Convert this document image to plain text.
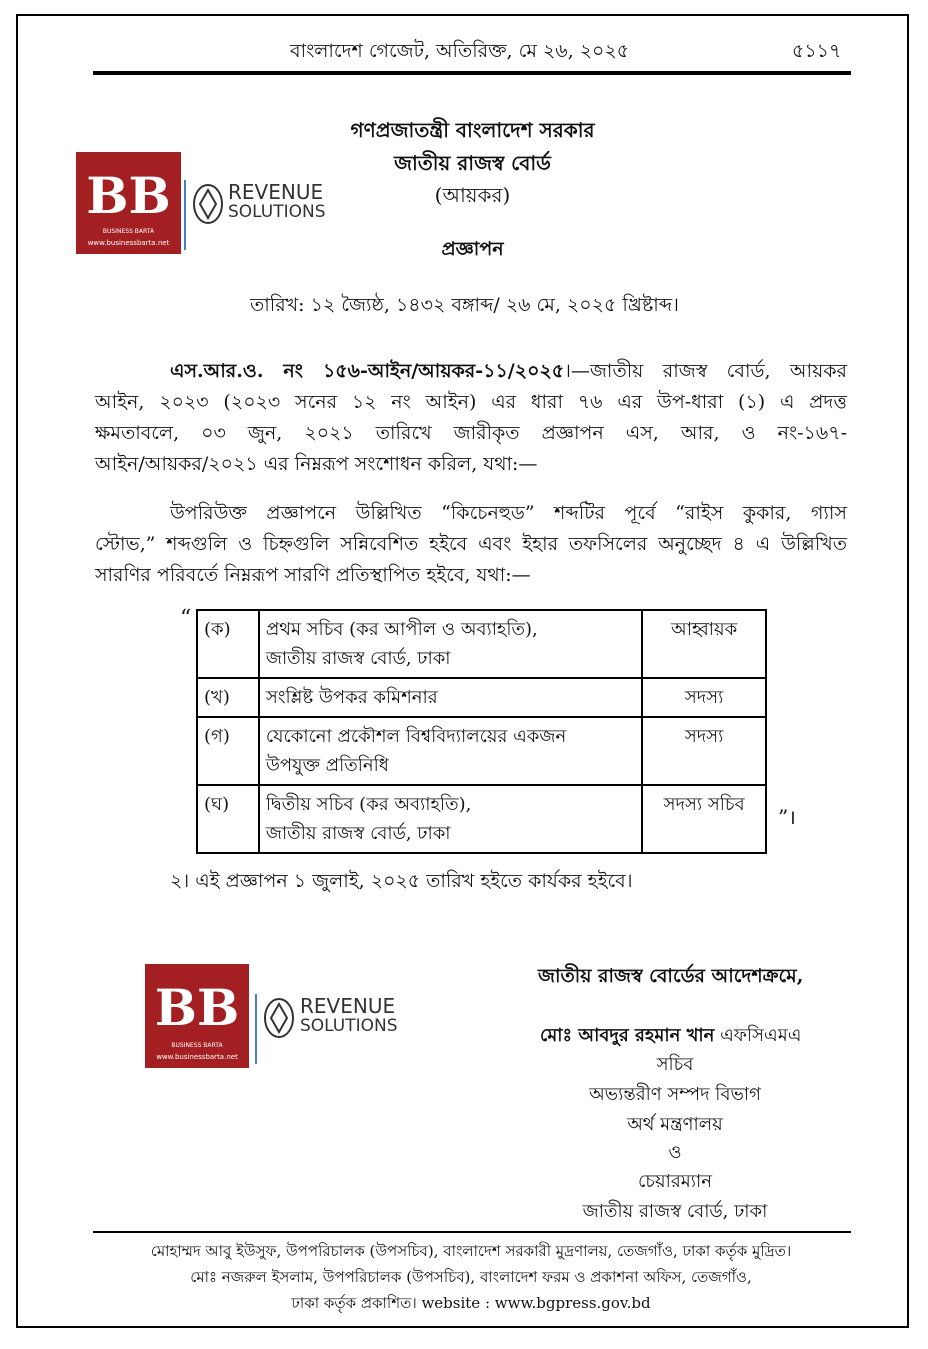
বাংলাদেশ গেজেট, অতিরিক্ত, মে ২৬, ২০২৫	৫১১৭
গণপ্রজাতন্ত্রী বাংলাদেশ সরকার
জাতীয় রাজস্ব বোর্ড
(আয়কর)
প্রজ্ঞাপন
BB
BUSINESS BARTA
www.businessbarta.net
REVENUE
SOLUTIONS
তারিখ: ১২ জ্যৈষ্ঠ, ১৪৩২ বঙ্গাব্দ/ ২৬ মে, ২০২৫ খ্রিষ্টাব্দ।
এস.আর.ও. নং ১৫৬-আইন/আয়কর-১১/২০২৫।—জাতীয় রাজস্ব বোর্ড, আয়কর
আইন, ২০২৩ (২০২৩ সনের ১২ নং আইন) এর ধারা ৭৬ এর উপ-ধারা (১) এ প্রদত্ত
ক্ষমতাবলে, ০৩ জুন, ২০২১ তারিখে জারীকৃত প্রজ্ঞাপন এস, আর, ও নং-১৬৭-
আইন/আয়কর/২০২১ এর নিম্নরূপ সংশোধন করিল, যথা:—
উপরিউক্ত প্রজ্ঞাপনে উল্লিখিত “কিচেনহুড” শব্দটির পূর্বে “রাইস কুকার, গ্যাস
স্টোভ,” শব্দগুলি ও চিহ্নগুলি সন্নিবেশিত হইবে এবং ইহার তফসিলের অনুচ্ছেদ ৪ এ উল্লিখিত
সারণির পরিবর্তে নিম্নরূপ সারণি প্রতিস্থাপিত হইবে, যথা:—
“ (ক)	প্রথম সচিব (কর আপীল ও অব্যাহতি),
জাতীয় রাজস্ব বোর্ড, ঢাকা	আহ্বায়ক
(খ)	সংশ্লিষ্ট উপকর কমিশনার	সদস্য
(গ)	যেকোনো প্রকৌশল বিশ্ববিদ্যালয়ের একজন
উপযুক্ত প্রতিনিধি	সদস্য
(ঘ)	দ্বিতীয় সচিব (কর অব্যাহতি),
জাতীয় রাজস্ব বোর্ড, ঢাকা	সদস্য সচিব
”।
২। এই প্রজ্ঞাপন ১ জুলাই, ২০২৫ তারিখ হইতে কার্যকর হইবে।
BB
BUSINESS BARTA
www.businessbarta.net
REVENUE
SOLUTIONS
জাতীয় রাজস্ব বোর্ডের আদেশক্রমে,
মোঃ আবদুর রহমান খান এফসিএমএ
সচিব
অভ্যন্তরীণ সম্পদ বিভাগ
অর্থ মন্ত্রণালয়
ও
চেয়ারম্যান
জাতীয় রাজস্ব বোর্ড, ঢাকা
মোহাম্মদ আবু ইউসুফ, উপপরিচালক (উপসচিব), বাংলাদেশ সরকারী মুদ্রণালয়, তেজগাঁও, ঢাকা কর্তৃক মুদ্রিত।
মোঃ নজরুল ইসলাম, উপপরিচালক (উপসচিব), বাংলাদেশ ফরম ও প্রকাশনা অফিস, তেজগাঁও,
ঢাকা কর্তৃক প্রকাশিত। website : www.bgpress.gov.bd
